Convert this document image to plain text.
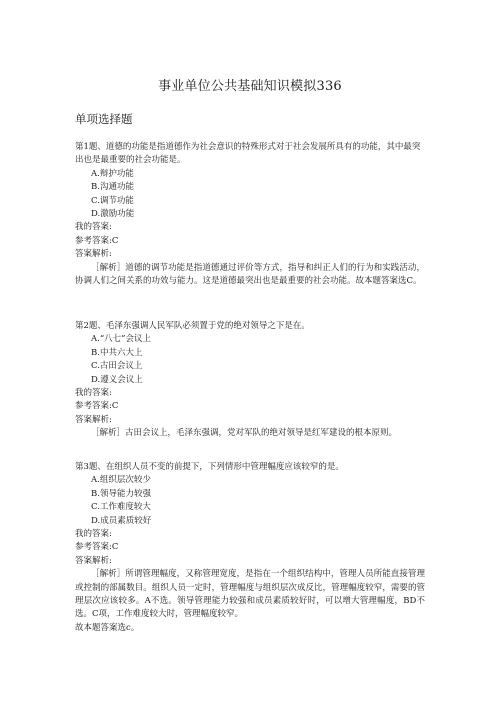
事业单位公共基础知识模拟336
单项选择题
第1题、道德的功能是指道德作为社会意识的特殊形式对于社会发展所具有的功能，其中最突出也是最重要的社会功能是。
A.辩护功能
B.沟通功能
C.调节功能
D.激励功能
我的答案:
参考答案:C
答案解析:
［解析］道德的调节功能是指道德通过评价等方式，指导和纠正人们的行为和实践活动，协调人们之间关系的功效与能力。这是道德最突出也是最重要的社会功能。故本题答案选C。
第2题、毛泽东强调人民军队必须置于党的绝对领导之下是在。
A.“八七”会议上
B.中共六大上
C.古田会议上
D.遵义会议上
我的答案:
参考答案:C
答案解析:
［解析］古田会议上，毛泽东强调，党对军队的绝对领导是红军建设的根本原则。
第3题、在组织人员不变的前提下，下列情形中管理幅度应该较窄的是。
A.组织层次较少
B.领导能力较强
C.工作难度较大
D.成员素质较好
我的答案:
参考答案:C
答案解析:
［解析］所谓管理幅度，又称管理宽度，是指在一个组织结构中，管理人员所能直接管理或控制的部属数目。组织人员一定时，管理幅度与组织层次成反比，管理幅度较窄，需要的管理层次应该较多。A不选。领导管理能力较强和成员素质较好时，可以增大管理幅度，BD不选。C项，工作难度较大时，管理幅度较窄。
故本题答案选c。
